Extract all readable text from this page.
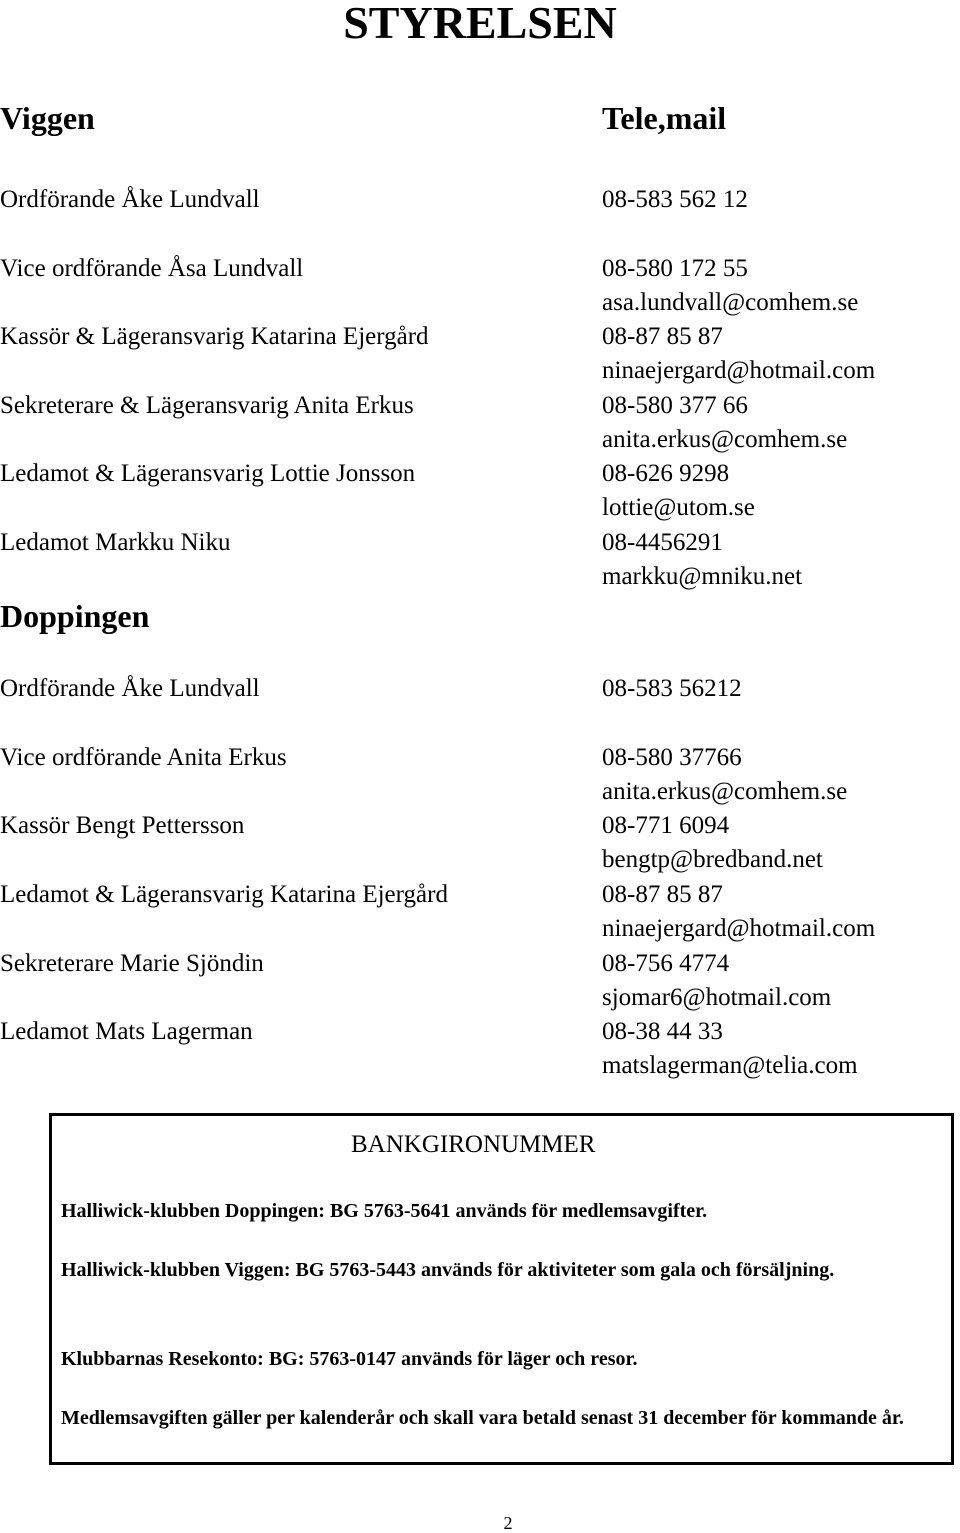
STYRELSEN
Viggen	Tele,mail
Ordförande Åke Lundvall	08-583 562 12
Vice ordförande Åsa Lundvall	08-580 172 55
asa.lundvall@comhem.se
Kassör & Lägeransvarig Katarina Ejergård	08-87 85 87
ninaejergard@hotmail.com
Sekreterare & Lägeransvarig Anita Erkus	08-580 377 66
anita.erkus@comhem.se
Ledamot & Lägeransvarig Lottie Jonsson	08-626 9298
lottie@utom.se
Ledamot Markku Niku	08-4456291
markku@mniku.net
Doppingen
Ordförande Åke Lundvall	08-583 56212
Vice ordförande Anita Erkus	08-580 37766
anita.erkus@comhem.se
Kassör Bengt Pettersson	08-771 6094
bengtp@bredband.net
Ledamot & Lägeransvarig Katarina Ejergård	08-87 85 87
ninaejergard@hotmail.com
Sekreterare Marie Sjöndin	08-756 4774
sjomar6@hotmail.com
Ledamot Mats Lagerman	08-38 44 33
matslagerman@telia.com
BANKGIRONUMMER
Halliwick-klubben Doppingen: BG 5763-5641 används för medlemsavgifter.
Halliwick-klubben Viggen: BG 5763-5443 används för aktiviteter som gala och försäljning.
Klubbarnas Resekonto: BG: 5763-0147 används för läger och resor.
Medlemsavgiften gäller per kalenderår och skall vara betald senast 31 december för kommande år.
2
